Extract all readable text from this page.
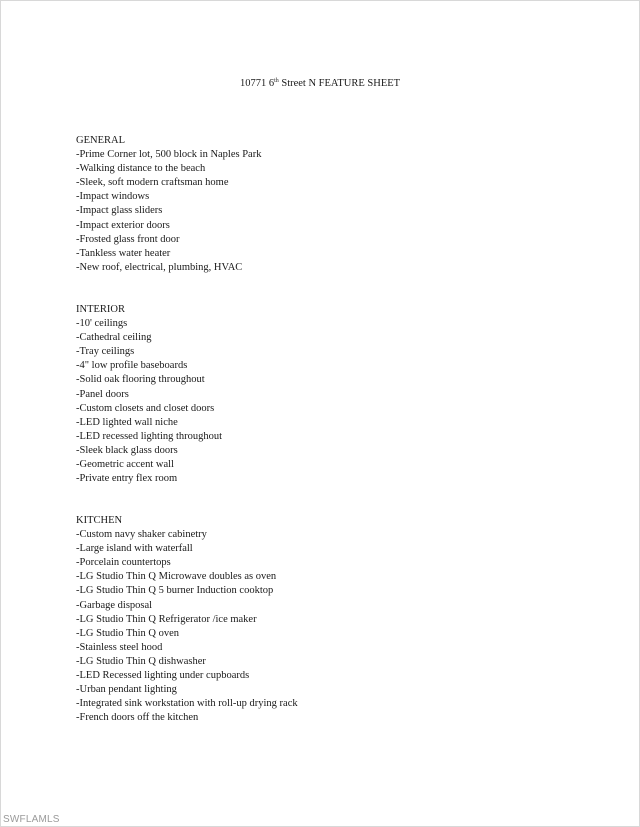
10771 6th Street N FEATURE SHEET
GENERAL
-Prime Corner lot, 500 block in Naples Park
-Walking distance to the beach
-Sleek, soft modern craftsman home
-Impact windows
-Impact glass sliders
-Impact exterior doors
-Frosted glass front door
-Tankless water heater
-New roof, electrical, plumbing, HVAC
INTERIOR
-10' ceilings
-Cathedral ceiling
-Tray ceilings
-4" low profile baseboards
-Solid oak flooring throughout
-Panel doors
-Custom closets and closet doors
-LED lighted wall niche
-LED recessed lighting throughout
-Sleek black glass doors
-Geometric accent wall
-Private entry flex room
KITCHEN
-Custom navy shaker cabinetry
-Large island with waterfall
-Porcelain countertops
-LG Studio Thin Q Microwave doubles as oven
-LG Studio Thin Q 5 burner Induction cooktop
-Garbage disposal
-LG Studio Thin Q Refrigerator /ice maker
-LG Studio Thin Q oven
-Stainless steel hood
-LG Studio Thin Q dishwasher
-LED Recessed lighting under cupboards
-Urban pendant lighting
-Integrated sink workstation with roll-up drying rack
-French doors off the kitchen
SWFLAMLS
